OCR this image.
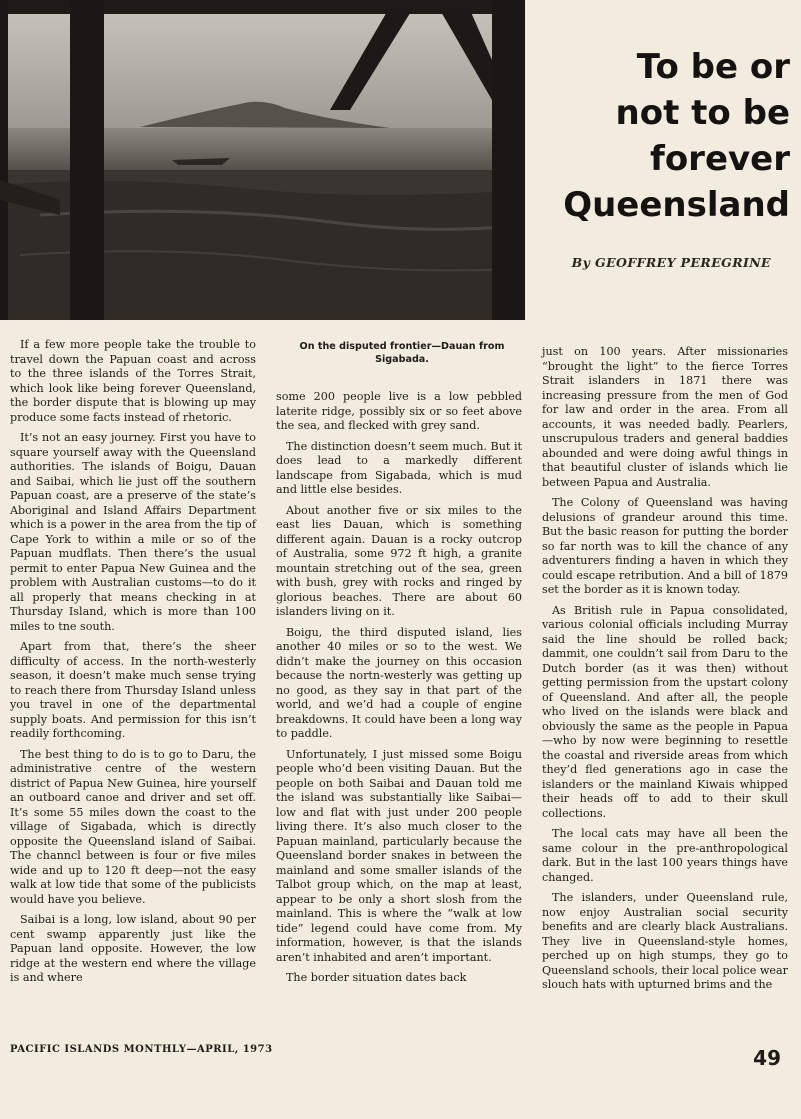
To be or
not to be
forever
Queensland
By GEOFFREY PEREGRINE
On the disputed frontier—Dauan from Sigabada.

If a few more people take the trouble to travel down the Papuan coast and across to the three islands of the Torres Strait, which look like being forever Queensland, the border dispute that is blowing up may produce some facts instead of rhetoric.

It’s not an easy journey. First you have to square yourself away with the Queensland authorities. The islands of Boigu, Dauan and Saibai, which lie just off the southern Papuan coast, are a preserve of the state’s Aboriginal and Island Affairs Department which is a power in the area from the tip of Cape York to within a mile or so of the Papuan mudflats. Then there’s the usual permit to enter Papua New Guinea and the problem with Australian customs—to do it all properly that means checking in at Thursday Island, which is more than 100 miles to tne south.

Apart from that, there’s the sheer difficulty of access. In the north-westerly season, it doesn’t make much sense trying to reach there from Thursday Island unless you travel in one of the departmental supply boats. And permission for this isn’t readily forthcoming.

The best thing to do is to go to Daru, the administrative centre of the western district of Papua New Guinea, hire yourself an outboard canoe and driver and set off. It’s some 55 miles down the coast to the village of Sigabada, which is directly opposite the Queensland island of Saibai. The channcl between is four or five miles wide and up to 120 ft deep—not the easy walk at low tide that some of the publicists would have you believe.

Saibai is a long, low island, about 90 per cent swamp apparently just like the Papuan land opposite. However, the low ridge at the western end where the village is and where

some 200 people live is a low pebbled laterite ridge, possibly six or so feet above the sea, and flecked with grey sand.

The distinction doesn’t seem much. But it does lead to a markedly different landscape from Sigabada, which is mud and little else besides.

About another five or six miles to the east lies Dauan, which is something different again. Dauan is a rocky outcrop of Australia, some 972 ft high, a granite mountain stretching out of the sea, green with bush, grey with rocks and ringed by glorious beaches. There are about 60 islanders living on it.

Boigu, the third disputed island, lies another 40 miles or so to the west. We didn’t make the journey on this occasion because the nortn-westerly was getting up no good, as they say in that part of the world, and we’d had a couple of engine breakdowns. It could have been a long way to paddle.

Unfortunately, I just missed some Boigu people who’d been visiting Dauan. But the people on both Saibai and Dauan told me the island was substantially like Saibai—low and flat with just under 200 people living there. It’s also much closer to the Papuan mainland, particularly because the Queensland border snakes in between the mainland and some smaller islands of the Talbot group which, on the map at least, appear to be only a short slosh from the mainland. This is where the “walk at low tide” legend could have come from. My information, however, is that the islands aren’t inhabited and aren’t important.

The border situation dates back

just on 100 years. After missionaries “brought the light” to the fierce Torres Strait islanders in 1871 there was increasing pressure from the men of God for law and order in the area. From all accounts, it was needed badly. Pearlers, unscrupulous traders and general baddies abounded and were doing awful things in that beautiful cluster of islands which lie between Papua and Australia.

The Colony of Queensland was having delusions of grandeur around this time. But the basic reason for putting the border so far north was to kill the chance of any adventurers finding a haven in which they could escape retribution. And a bill of 1879 set the border as it is known today.

As British rule in Papua consolidated, various colonial officials including Murray said the line should be rolled back; dammit, one couldn’t sail from Daru to the Dutch border (as it was then) without getting permission from the upstart colony of Queensland. And after all, the people who lived on the islands were black and obviously the same as the people in Papua—who by now were beginning to resettle the coastal and riverside areas from which they’d fled generations ago in case the islanders or the mainland Kiwais whipped their heads off to add to their skull collections.

The local cats may have all been the same colour in the pre-anthropological dark. But in the last 100 years things have changed.

The islanders, under Queensland rule, now enjoy Australian social security benefits and are clearly black Australians. They live in Queensland-style homes, perched up on high stumps, they go to Queensland schools, their local police wear slouch hats with upturned brims and the

PACIFIC ISLANDS MONTHLY—APRIL, 1973	49
